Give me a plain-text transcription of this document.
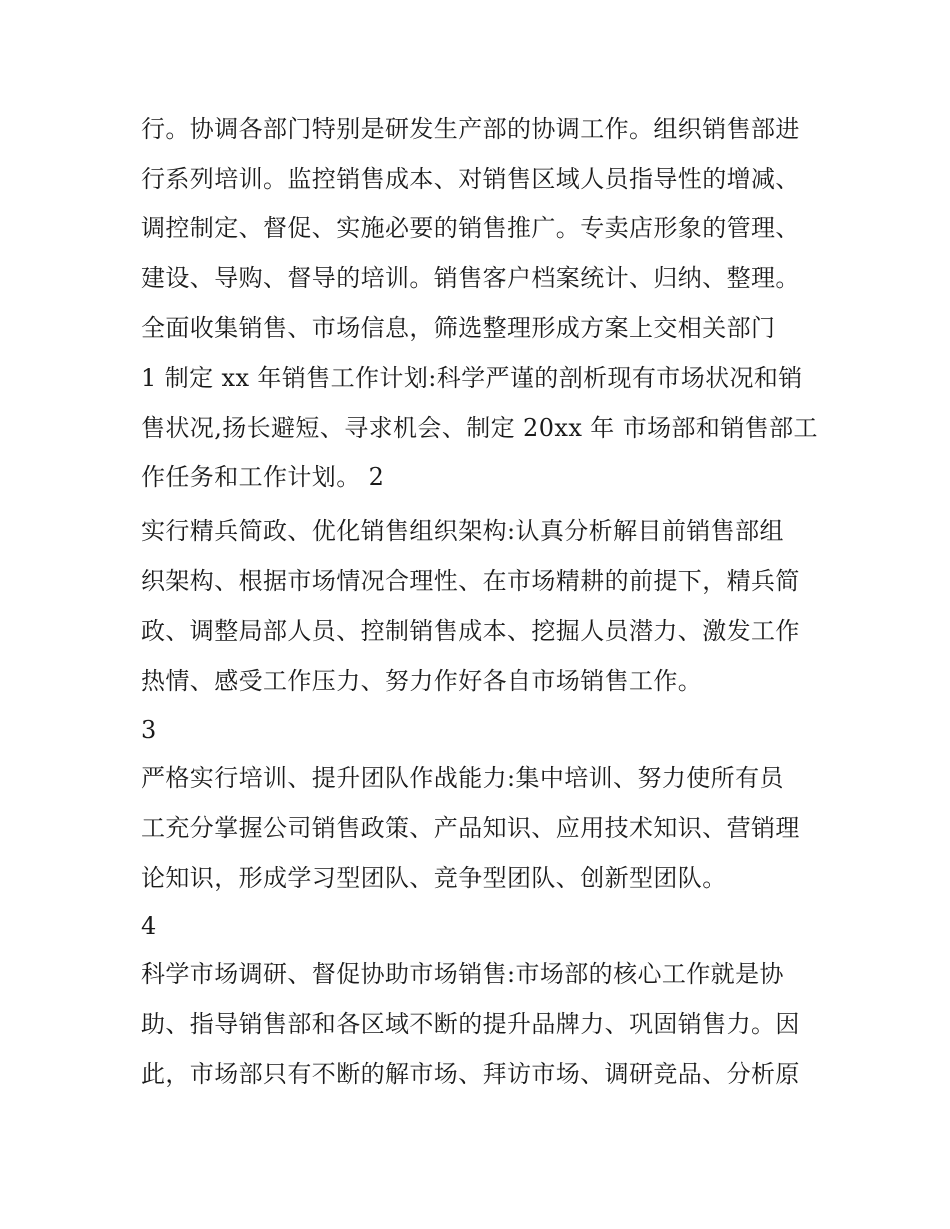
行。协调各部门特别是研发生产部的协调工作。组织销售部进
行系列培训。监控销售成本、对销售区域人员指导性的增减、
调控制定、督促、实施必要的销售推广。专卖店形象的管理、
建设、导购、督导的培训。销售客户档案统计、归纳、整理。
全面收集销售、市场信息，筛选整理形成方案上交相关部门
1 制定 xx 年销售工作计划:科学严谨的剖析现有市场状况和销
售状况,扬长避短、寻求机会、制定 20xx 年 市场部和销售部工
作任务和工作计划。 2
实行精兵简政、优化销售组织架构:认真分析解目前销售部组
织架构、根据市场情况合理性、在市场精耕的前提下，精兵简
政、调整局部人员、控制销售成本、挖掘人员潜力、激发工作
热情、感受工作压力、努力作好各自市场销售工作。
3
严格实行培训、提升团队作战能力:集中培训、努力使所有员
工充分掌握公司销售政策、产品知识、应用技术知识、营销理
论知识，形成学习型团队、竞争型团队、创新型团队。
4
科学市场调研、督促协助市场销售:市场部的核心工作就是协
助、指导销售部和各区域不断的提升品牌力、巩固销售力。因
此，市场部只有不断的解市场、拜访市场、调研竞品、分析原
